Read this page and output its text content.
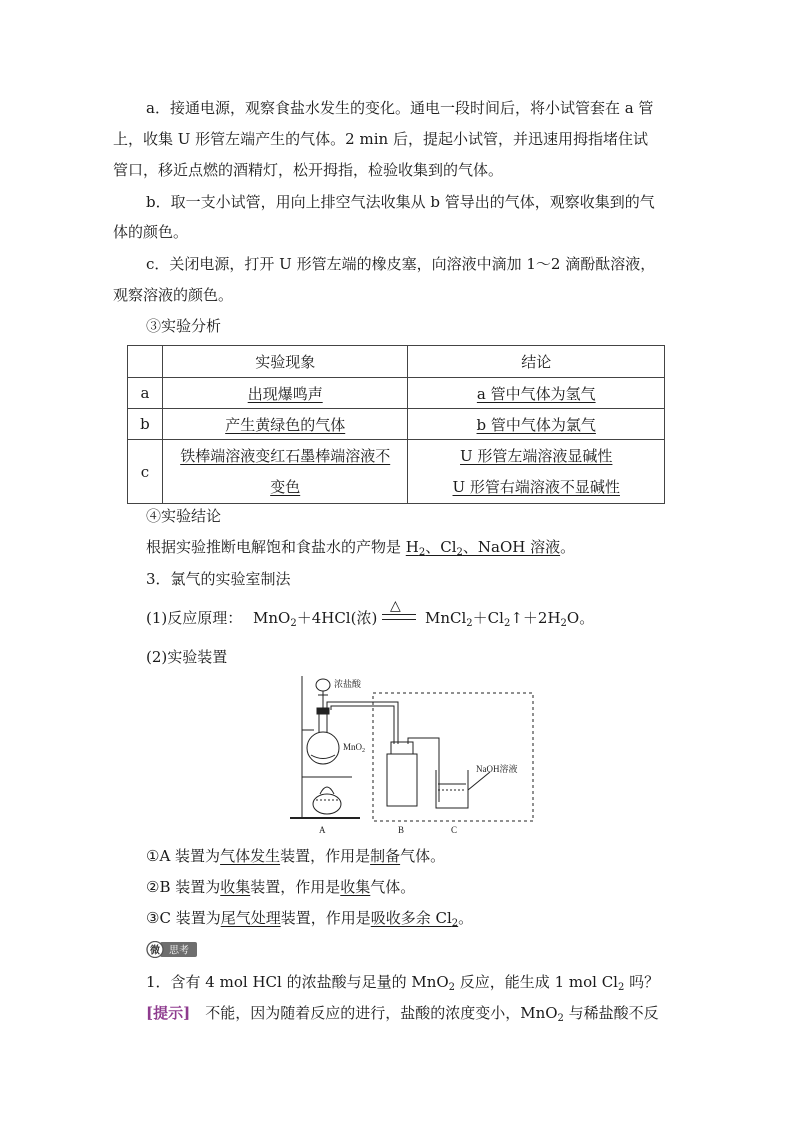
a．接通电源，观察食盐水发生的变化。通电一段时间后，将小试管套在 a 管
上，收集 U 形管左端产生的气体。2 min 后，提起小试管，并迅速用拇指堵住试
管口，移近点燃的酒精灯，松开拇指，检验收集到的气体。
b．取一支小试管，用向上排空气法收集从 b 管导出的气体，观察收集到的气
体的颜色。
c．关闭电源，打开 U 形管左端的橡皮塞，向溶液中滴加 1～2 滴酚酞溶液，
观察溶液的颜色。
③实验分析
	实验现象	结论
a	出现爆鸣声	a 管中气体为氢气
b	产生黄绿色的气体	b 管中气体为氯气
c	铁棒端溶液变红石墨棒端溶液不
变色	U 形管左端溶液显碱性
U 形管右端溶液不显碱性
④实验结论
根据实验推断电解饱和食盐水的产物是 $H_2$、$Cl_2$、NaOH 溶液。
3．氯气的实验室制法
(1)反应原理： MnO$_2$＋4HCl(浓)
△
$MnCl_2+Cl_2↑+2H_2O$。
(2)实验装置
浓盐酸
MnO$_2$
NaOH溶液
A	B	C
①A 装置为气体发生装置，作用是制备气体。
②B 装置为收集装置，作用是收集气体。
③C 装置为尾气处理装置，作用是吸收多余 $Cl_2$。
微 思考
1．含有 4 mol HCl 的浓盐酸与足量的 MnO$_2$ 反应，能生成 1 mol $Cl_2$ 吗？
[提示]　不能，因为随着反应的进行，盐酸的浓度变小，MnO$_2$ 与稀盐酸不反
